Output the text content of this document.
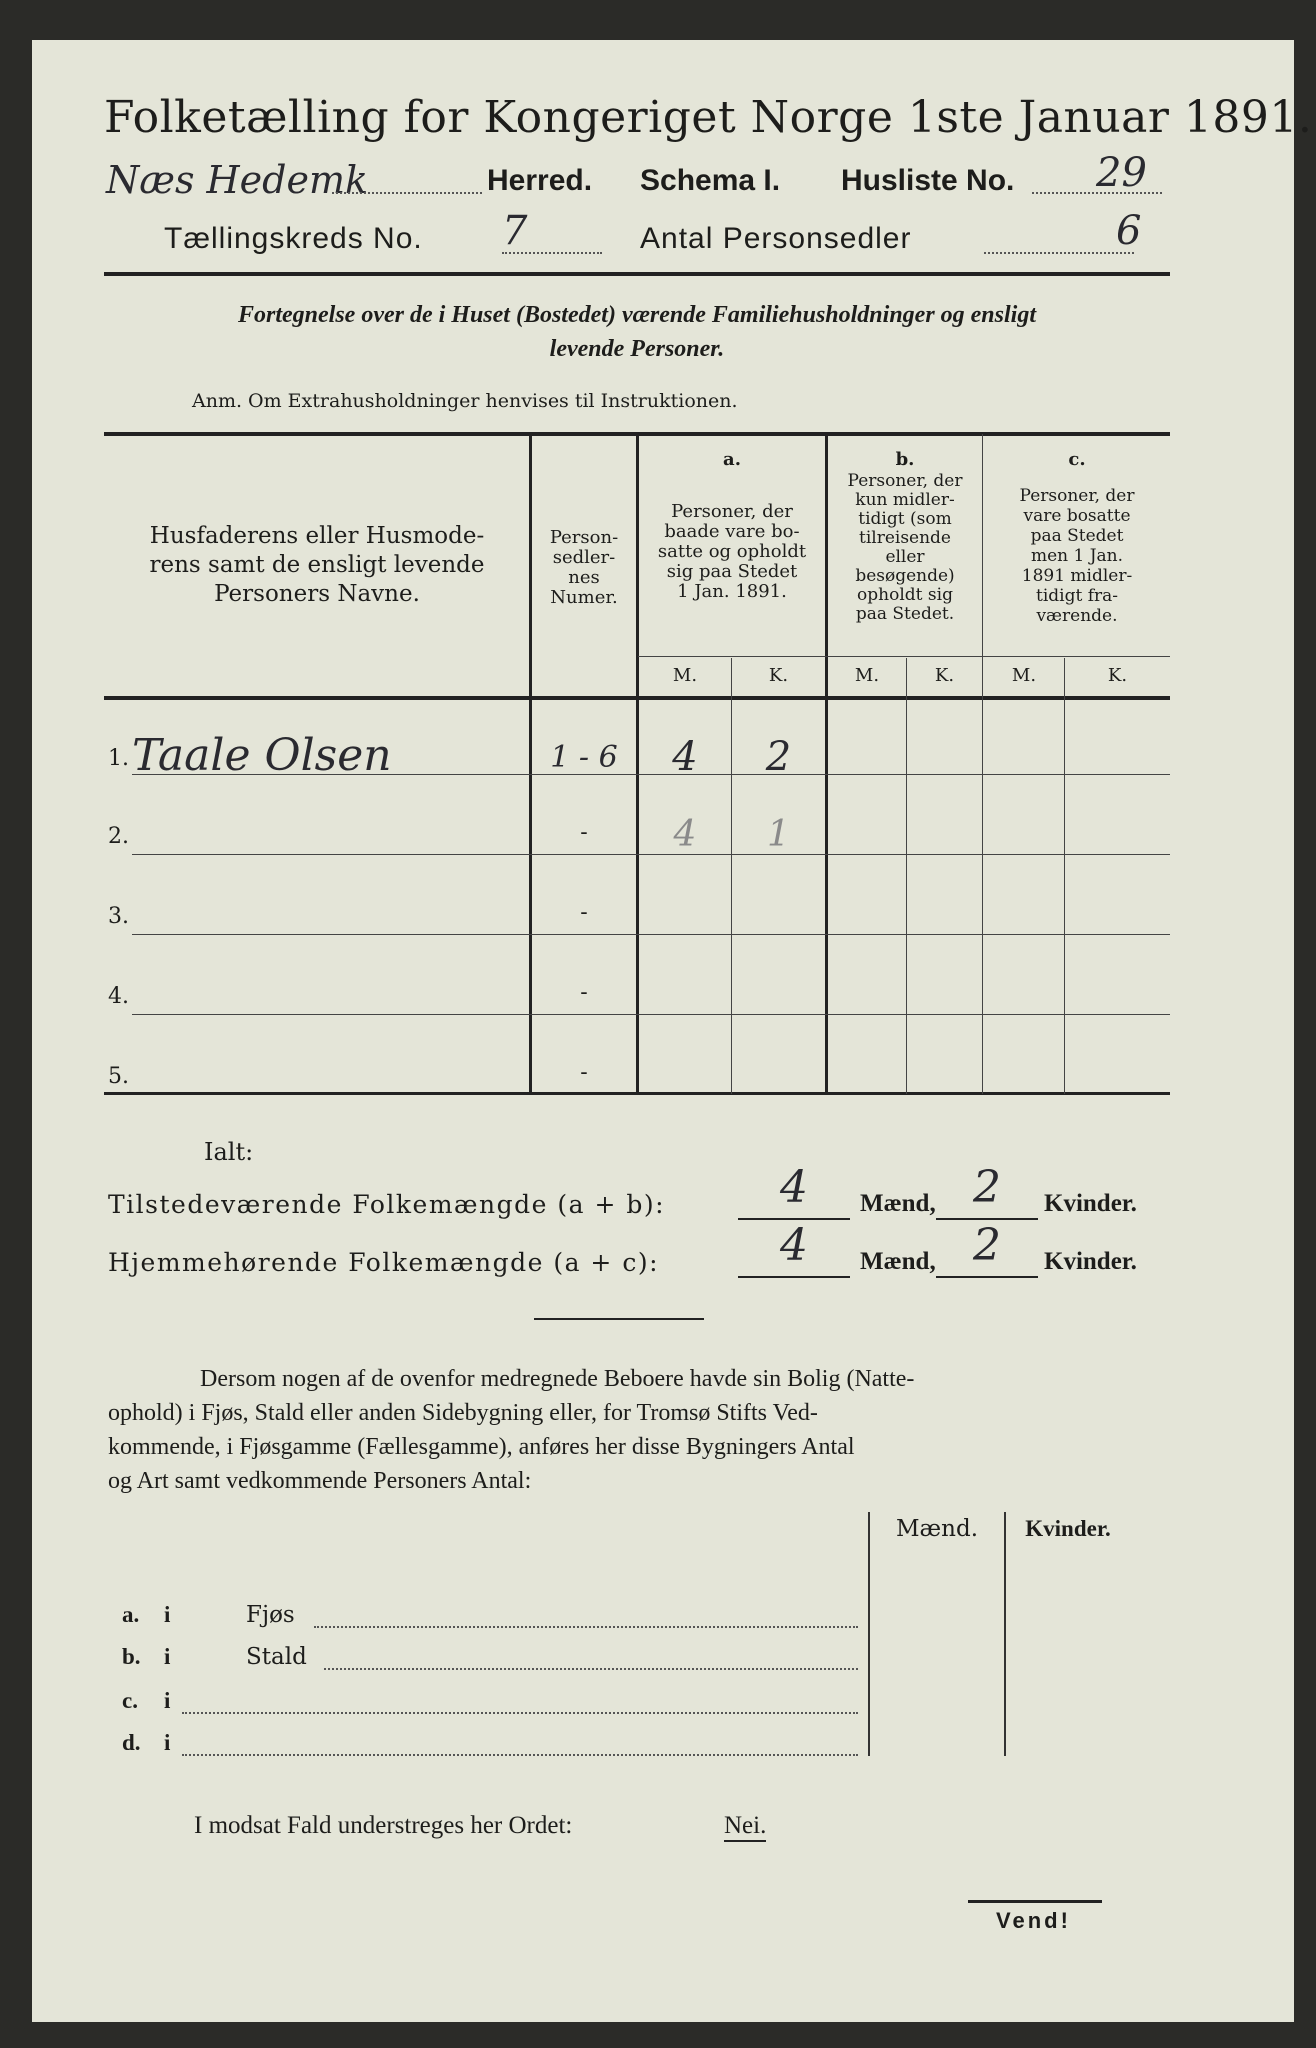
Folketælling for Kongeriget Norge 1ste Januar 1891.
Næs Hedemk	Herred. Schema I. Husliste No. 29
Tællingskreds No. 7	Antal Personsedler	6
Fortegnelse over de i Huset (Bostedet) værende Familiehusholdninger og ensligt
levende Personer.
Anm. Om Extrahusholdninger henvises til Instruktionen.
Husfaderens eller Husmode-
rens samt de ensligt levende
Personers Navne.
Person-
sedler-
nes
Numer.
a.
Personer, der
baade vare bo-
satte og opholdt
sig paa Stedet
1 Jan. 1891.
b.
Personer, der
kun midler-
tidigt (som
tilreisende
eller
besøgende)
opholdt sig
paa Stedet.
c.
Personer, der
vare bosatte
paa Stedet
men 1 Jan.
1891 midler-
tidigt fra-
værende.
M.	K.	M.	K.	M.	K.
1. Taale Olsen	1 - 6	4	2
2.	-	4	1
3.	-
4.	-
5.	-
Ialt:
Tilstedeværende Folkemængde (a + b):	4	Mænd, 2	Kvinder.
Hjemmehørende Folkemængde (a + c):	4	Mænd, 2	Kvinder.
Dersom nogen af de ovenfor medregnede Beboere havde sin Bolig (Natte-
ophold) i Fjøs, Stald eller anden Sidebygning eller, for Tromsø Stifts Ved-
kommende, i Fjøsgamme (Fællesgamme), anføres her disse Bygningers Antal
og Art samt vedkommende Personers Antal:
Mænd.	Kvinder.
a. i	Fjøs
b. i	Stald
c. i
d. i
I modsat Fald understreges her Ordet:	Nei.
Vend!
